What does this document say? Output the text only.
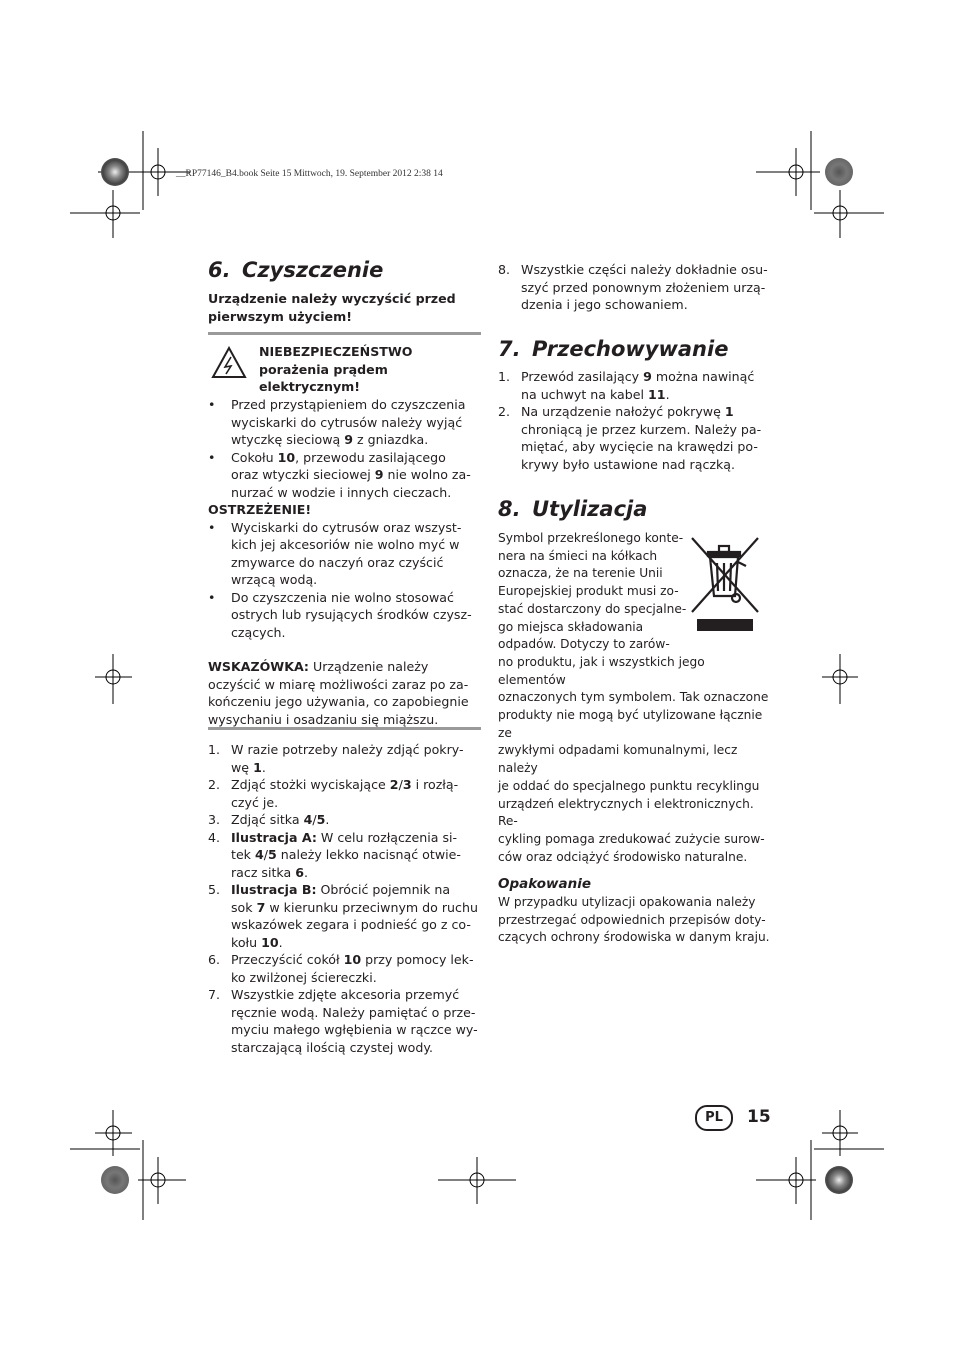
__RP77146_B4.book Seite 15 Mittwoch, 19. September 2012 2:38 14
6. Czyszczenie

Urządzenie należy wyczyścić przed
pierwszym użyciem!

NIEBEZPIECZEŃSTWO
porażenia prądem
elektrycznym!
• Przed przystąpieniem do czyszczenia
wyciskarki do cytrusów należy wyjąć
wtyczkę sieciową 9 z gniazdka.
• Cokołu 10, przewodu zasilającego
oraz wtyczki sieciowej 9 nie wolno za-
nurzać w wodzie i innych cieczach.
OSTRZEŻENIE!
• Wyciskarki do cytrusów oraz wszyst-
kich jej akcesoriów nie wolno myć w
zmywarce do naczyń oraz czyścić
wrzącą wodą.
• Do czyszczenia nie wolno stosować
ostrych lub rysujących środków czysz-
czących.
WSKAZÓWKA: Urządzenie należy
oczyścić w miarę możliwości zaraz po za-
kończeniu jego używania, co zapobiegnie
wysychaniu i osadzaniu się miąższu.
1. W razie potrzeby należy zdjąć pokry-
wę 1.
2. Zdjąć stożki wyciskające 2/3 i rozłą-
czyć je.
3. Zdjąć sitka 4/5.
4. Ilustracja A: W celu rozłączenia si-
tek 4/5 należy lekko nacisnąć otwie-
racz sitka 6.
5. Ilustracja B: Obrócić pojemnik na
sok 7 w kierunku przeciwnym do ruchu
wskazówek zegara i podnieść go z co-
kołu 10.
6. Przeczyścić cokół 10 przy pomocy lek-
ko zwilżonej ściereczki.
7. Wszystkie zdjęte akcesoria przemyć
ręcznie wodą. Należy pamiętać o prze-
myciu małego wgłębienia w rączce wy-
starczającą ilością czystej wody.
8. Wszystkie części należy dokładnie osu-
szyć przed ponownym złożeniem urzą-
dzenia i jego schowaniem.
7. Przechowywanie
1. Przewód zasilający 9 można nawinąć
na uchwyt na kabel 11.
2. Na urządzenie nałożyć pokrywę 1
chroniącą je przez kurzem. Należy pa-
miętać, aby wycięcie na krawędzi po-
krywy było ustawione nad rączką.
8. Utylizacja
Symbol przekreślonego konte-
nera na śmieci na kółkach
oznacza, że na terenie Unii
Europejskiej produkt musi zo-
stać dostarczony do specjalne-
go miejsca składowania
odpadów. Dotyczy to zarów-
no produktu, jak i wszystkich jego elementów
oznaczonych tym symbolem. Tak oznaczone
produkty nie mogą być utylizowane łącznie ze
zwykłymi odpadami komunalnymi, lecz należy
je oddać do specjalnego punktu recyklingu
urządzeń elektrycznych i elektronicznych. Re-
cykling pomaga zredukować zużycie surow-
ców oraz odciążyć środowisko naturalne.
Opakowanie
W przypadku utylizacji opakowania należy
przestrzegać odpowiednich przepisów doty-
czących ochrony środowiska w danym kraju.
PL	15
